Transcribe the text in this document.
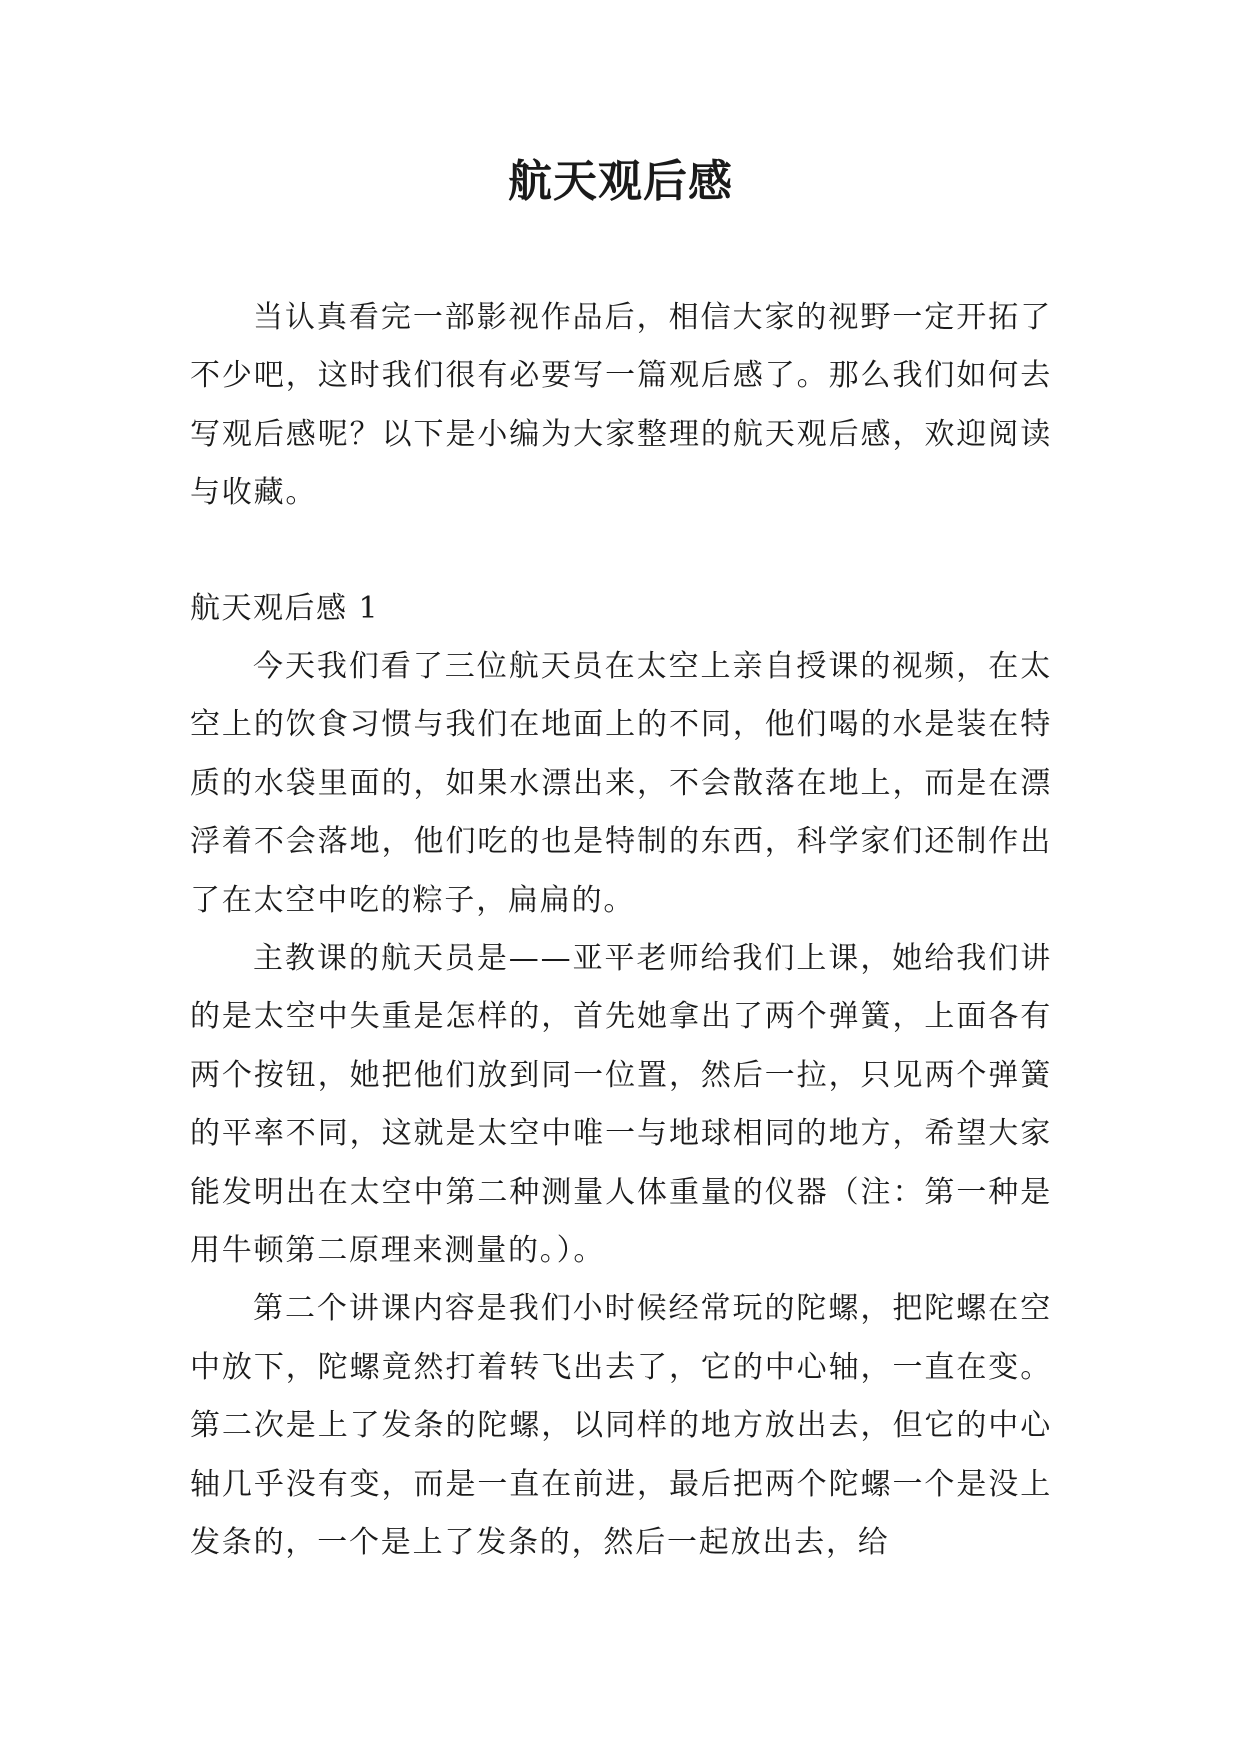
航天观后感

当认真看完一部影视作品后，相信大家的视野一定开拓了不少吧，这时我们很有必要写一篇观后感了。那么我们如何去写观后感呢？以下是小编为大家整理的航天观后感，欢迎阅读与收藏。

航天观后感 1

今天我们看了三位航天员在太空上亲自授课的视频，在太空上的饮食习惯与我们在地面上的不同，他们喝的水是装在特质的水袋里面的，如果水漂出来，不会散落在地上，而是在漂浮着不会落地，他们吃的也是特制的东西，科学家们还制作出了在太空中吃的粽子，扁扁的。

主教课的航天员是——亚平老师给我们上课，她给我们讲的是太空中失重是怎样的，首先她拿出了两个弹簧，上面各有两个按钮，她把他们放到同一位置，然后一拉，只见两个弹簧的平率不同，这就是太空中唯一与地球相同的地方，希望大家能发明出在太空中第二种测量人体重量的仪器（注：第一种是用牛顿第二原理来测量的。）。

第二个讲课内容是我们小时候经常玩的陀螺，把陀螺在空中放下，陀螺竟然打着转飞出去了，它的中心轴，一直在变。第二次是上了发条的陀螺，以同样的地方放出去，但它的中心轴几乎没有变，而是一直在前进，最后把两个陀螺一个是没上发条的，一个是上了发条的，然后一起放出去，给
